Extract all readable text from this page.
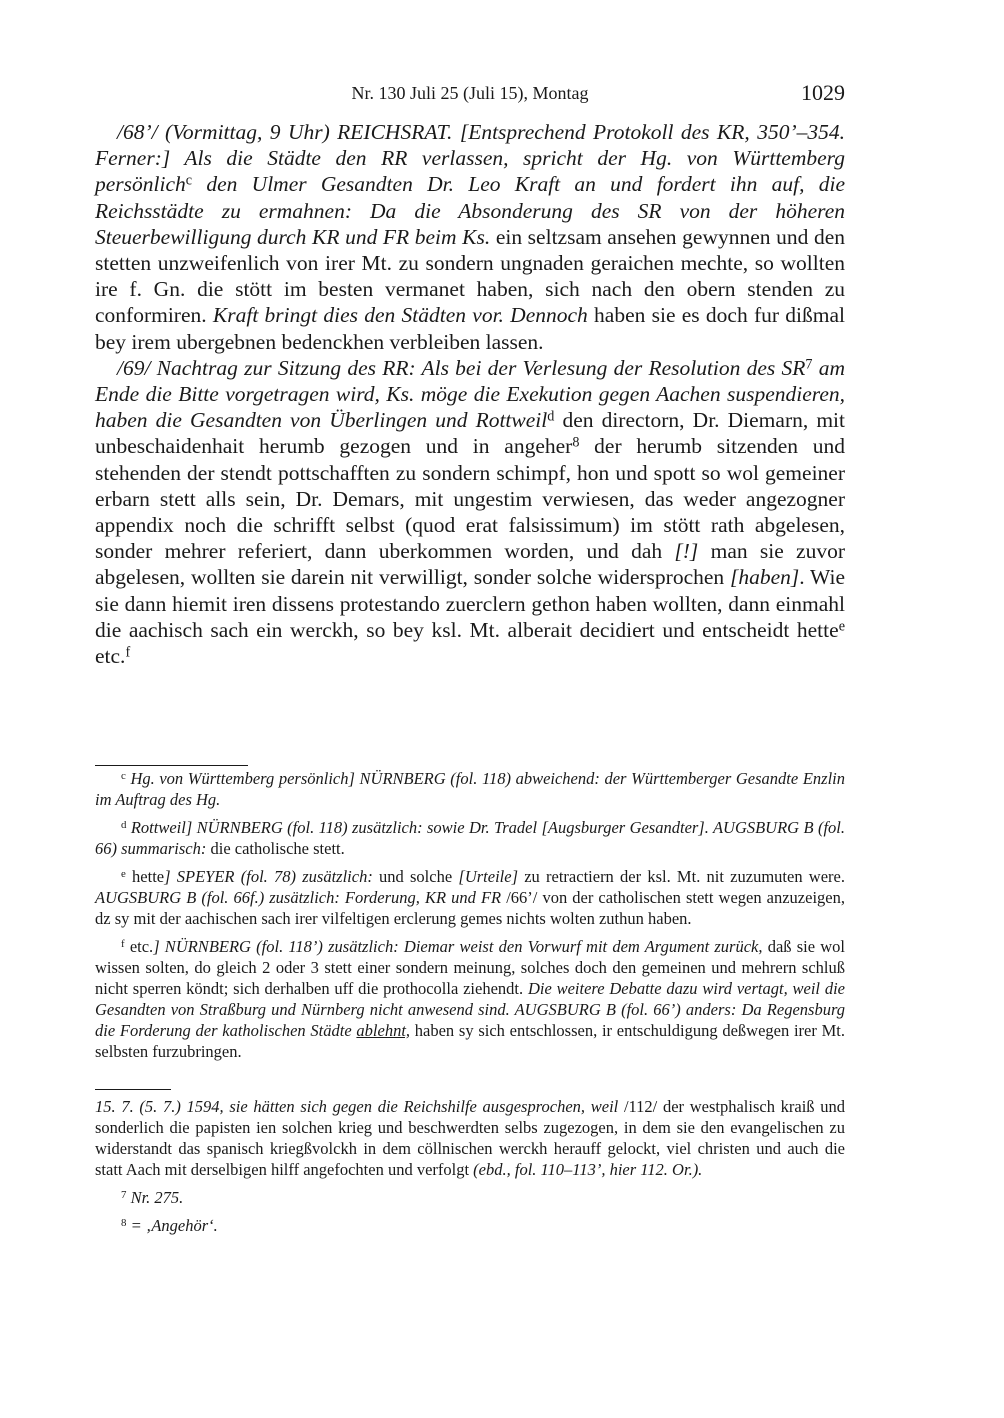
Nr. 130 Juli 25 (Juli 15), Montag	1029

/68’/ (Vormittag, 9 Uhr) REICHSRAT. [Entsprechend Protokoll des KR, 350’–354. Ferner:] Als die Städte den RR verlassen, spricht der Hg. von Württemberg persönlich$^c$ den Ulmer Gesandten Dr. Leo Kraft an und fordert ihn auf, die Reichsstädte zu ermahnen: Da die Absonderung des SR von der höheren Steuerbewilligung durch KR und FR beim Ks. ein seltzsam ansehen gewynnen und den stetten unzweifenlich von irer Mt. zu sondern ungnaden geraichen mechte, so wollten ire f. Gn. die stött im besten vermanet haben, sich nach den obern stenden zu conformiren. Kraft bringt dies den Städten vor. Dennoch haben sie es doch fur dißmal bey irem ubergebnen bedenckhen verbleiben lassen.

/69/ Nachtrag zur Sitzung des RR: Als bei der Verlesung der Resolution des $SR^7$ am Ende die Bitte vorgetragen wird, Ks. möge die Exekution gegen Aachen suspendieren, haben die Gesandten von Überlingen und Rottweil$^d$ den directorn, Dr. Diemarn, mit unbeschaidenhait herumb gezogen und in angeher$^8$ der herumb sitzenden und stehenden der stendt pottschafften zu sondern schimpf, hon und spott so wol gemeiner erbarn stett alls sein, Dr. Demars, mit ungestim verwiesen, das weder angezogner appendix noch die schrifft selbst (quod erat falsissimum) im stött rath abgelesen, sonder mehrer referiert, dann uberkommen worden, und dah [!] man sie zuvor abgelesen, wollten sie darein nit verwilligt, sonder solche widersprochen [haben]. Wie sie dann hiemit iren dissens protestando zuerclern gethon haben wollten, dann einmahl die aachisch sach ein werckh, so bey ksl. Mt. alberait decidiert und entscheidt hette$^e$ etc.$^f$

$^c$ Hg. von Württemberg persönlich] NÜRNBERG (fol. 118) abweichend: der Württemberger Gesandte Enzlin im Auftrag des Hg.

$^d$ Rottweil] NÜRNBERG (fol. 118) zusätzlich: sowie Dr. Tradel [Augsburger Gesandter]. AUGSBURG B (fol. 66) summarisch: die catholische stett.

$^e$ hette] SPEYER (fol. 78) zusätzlich: und solche [Urteile] zu retractiern der ksl. Mt. nit zuzumuten were. AUGSBURG B (fol. 66f.) zusätzlich: Forderung, KR und FR /66’/ von der catholischen stett wegen anzuzeigen, dz sy mit der aachischen sach irer vilfeltigen erclerung gemes nichts wolten zuthun haben.

$^f$ etc.] NÜRNBERG (fol. 118’) zusätzlich: Diemar weist den Vorwurf mit dem Argument zurück, daß sie wol wissen solten, do gleich 2 oder 3 stett einer sondern meinung, solches doch den gemeinen und mehrern schluß nicht sperren köndt; sich derhalben uff die prothocolla ziehendt. Die weitere Debatte dazu wird vertagt, weil die Gesandten von Straßburg und Nürnberg nicht anwesend sind. AUGSBURG B (fol. 66’) anders: Da Regensburg die Forderung der katholischen Städte ablehnt, haben sy sich entschlossen, ir entschuldigung deßwegen irer Mt. selbsten furzubringen.

15. 7. (5. 7.) 1594, sie hätten sich gegen die Reichshilfe ausgesprochen, weil /112/ der westphalisch kraiß und sonderlich die papisten ien solchen krieg und beschwerdten selbs zugezogen, in dem sie den evangelischen zu widerstandt das spanisch kriegßvolckh in dem cöllnischen werckh herauff gelockt, viel christen und auch die statt Aach mit derselbigen hilff angefochten und verfolgt (ebd., fol. 110–113’, hier 112. Or.).

$^7$ Nr. 275.

$^8$ = ‚Angehör‘.
